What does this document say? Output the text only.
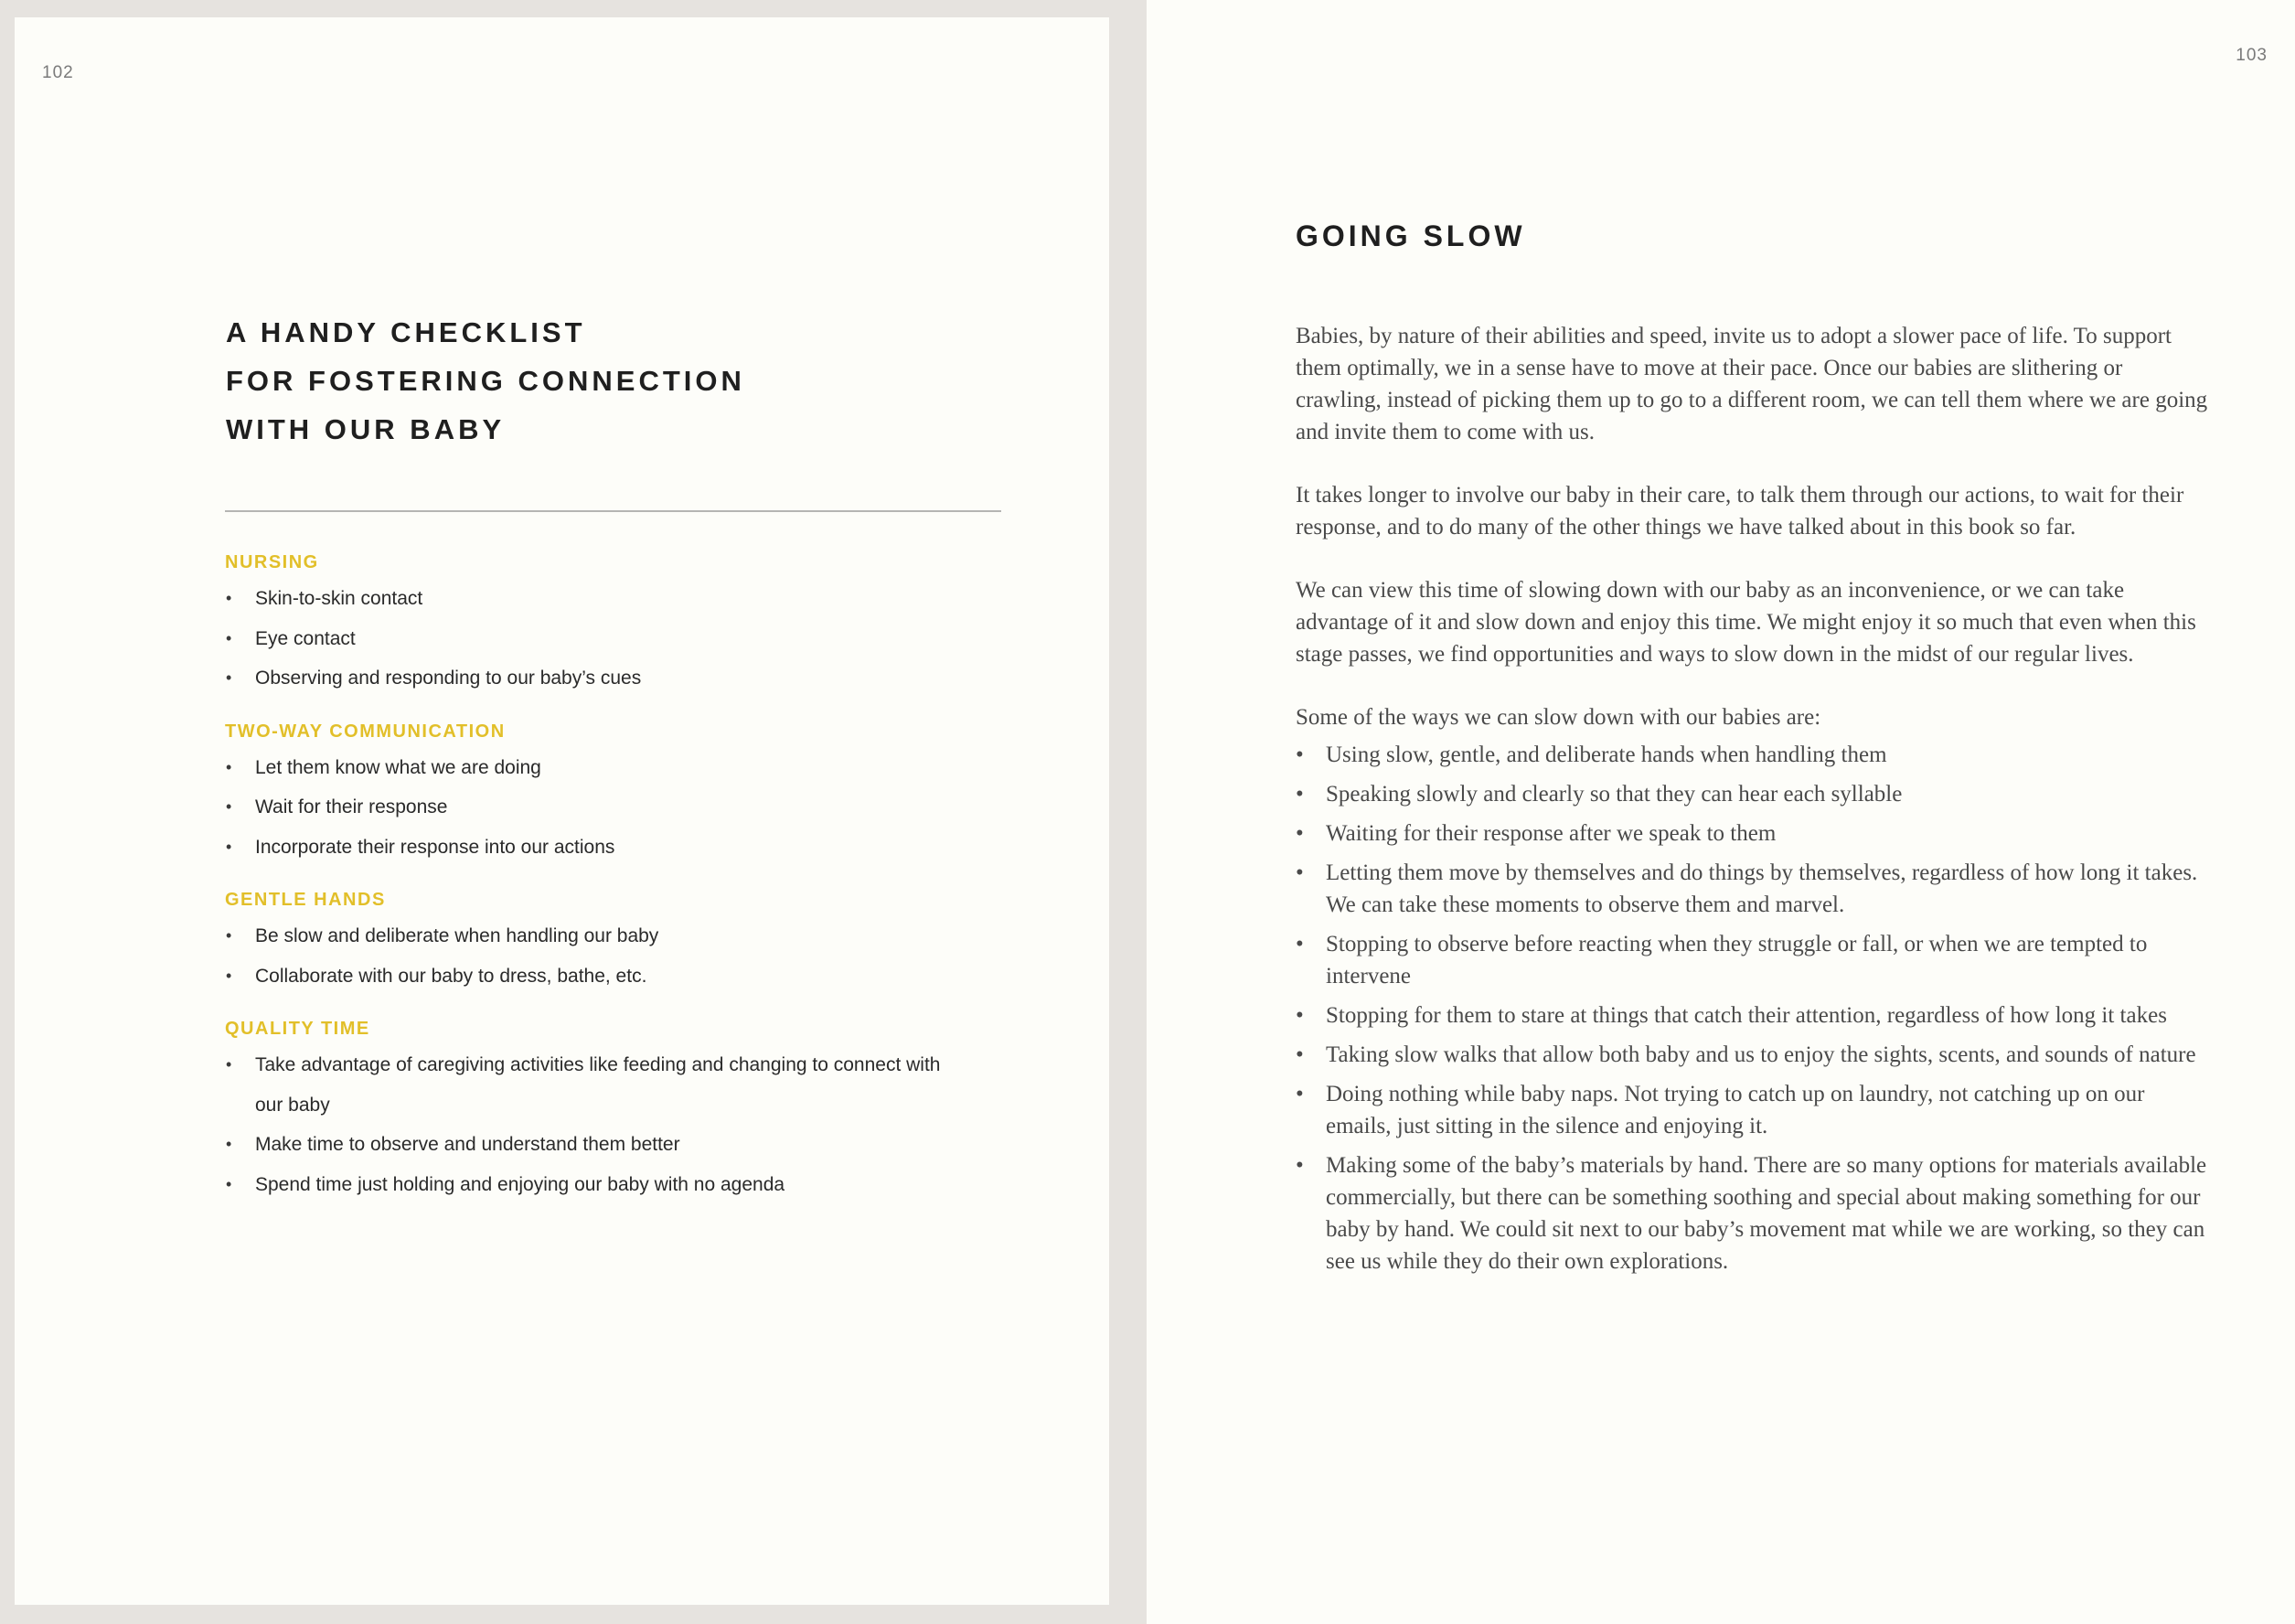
102
A HANDY CHECKLIST
FOR FOSTERING CONNECTION
WITH OUR BABY
NURSING
• Skin-to-skin contact
• Eye contact
• Observing and responding to our baby’s cues
TWO-WAY COMMUNICATION
• Let them know what we are doing
• Wait for their response
• Incorporate their response into our actions
GENTLE HANDS
• Be slow and deliberate when handling our baby
• Collaborate with our baby to dress, bathe, etc.
QUALITY TIME
• Take advantage of caregiving activities like feeding and changing to connect with our baby
• Make time to observe and understand them better
• Spend time just holding and enjoying our baby with no agenda
103
GOING SLOW

Babies, by nature of their abilities and speed, invite us to adopt a slower pace of life. To support them optimally, we in a sense have to move at their pace. Once our babies are slithering or crawling, instead of picking them up to go to a different room, we can tell them where we are going and invite them to come with us.

It takes longer to involve our baby in their care, to talk them through our actions, to wait for their response, and to do many of the other things we have talked about in this book so far.

We can view this time of slowing down with our baby as an inconvenience, or we can take advantage of it and slow down and enjoy this time. We might enjoy it so much that even when this stage passes, we find opportunities and ways to slow down in the midst of our regular lives.

Some of the ways we can slow down with our babies are:

• Using slow, gentle, and deliberate hands when handling them
• Speaking slowly and clearly so that they can hear each syllable
• Waiting for their response after we speak to them
• Letting them move by themselves and do things by themselves, regardless of how long it takes. We can take these moments to observe them and marvel.
• Stopping to observe before reacting when they struggle or fall, or when we are tempted to intervene
• Stopping for them to stare at things that catch their attention, regardless of how long it takes
• Taking slow walks that allow both baby and us to enjoy the sights, scents, and sounds of nature
• Doing nothing while baby naps. Not trying to catch up on laundry, not catching up on our emails, just sitting in the silence and enjoying it.
• Making some of the baby’s materials by hand. There are so many options for materials available commercially, but there can be something soothing and special about making something for our baby by hand. We could sit next to our baby’s movement mat while we are working, so they can see us while they do their own explorations.
